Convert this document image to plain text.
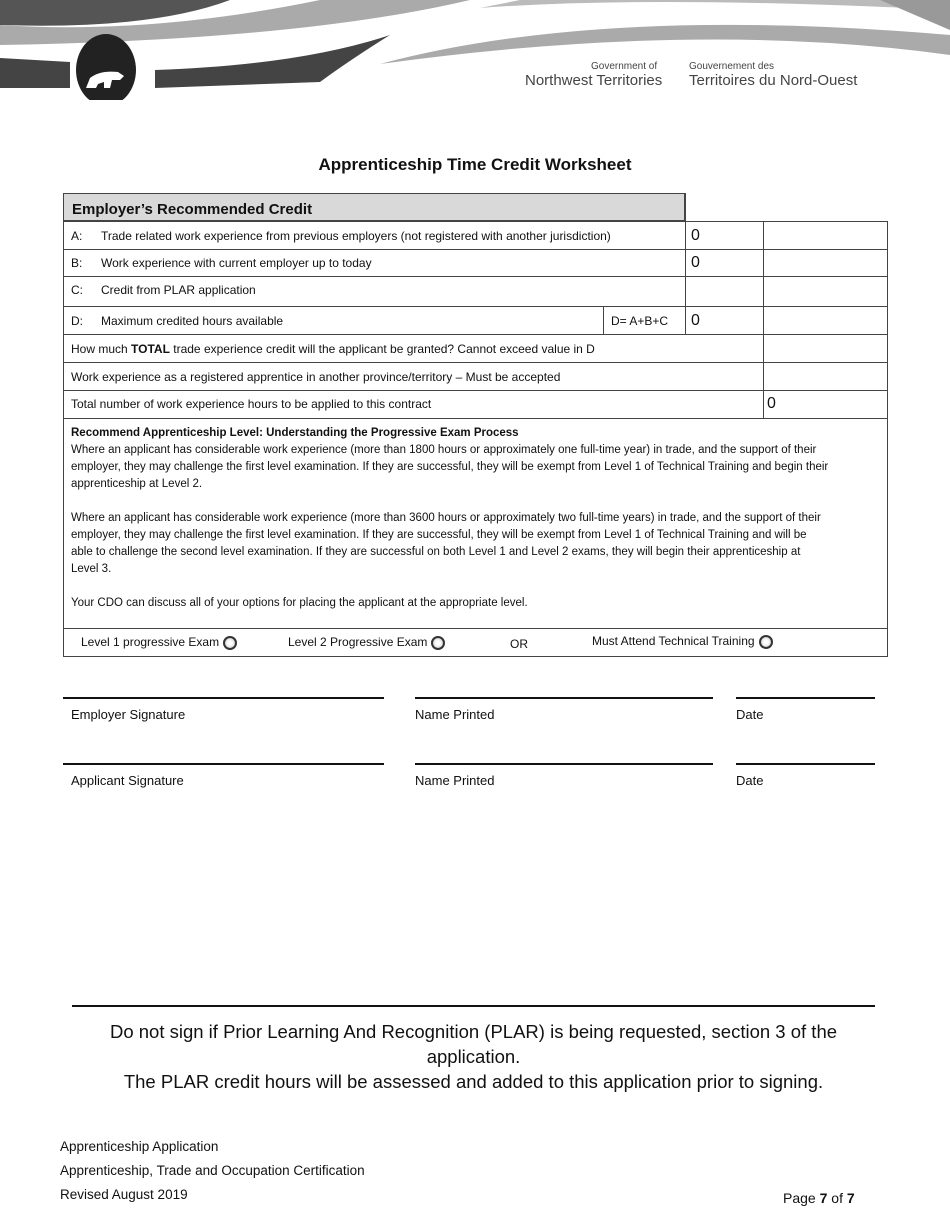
Government of
Northwest Territories
Gouvernement des
Territoires du Nord-Ouest
Apprenticeship Time Credit Worksheet
Employer’s Recommended Credit
A: Trade related work experience from previous employers (not registered with another jurisdiction)	0
B: Work experience with current employer up to today	0
C: Credit from PLAR application
D: Maximum credited hours available	D= A+B+C 0
How much TOTAL trade experience credit will the applicant be granted? Cannot exceed value in D
Work experience as a registered apprentice in another province/territory – Must be accepted
Total number of work experience hours to be applied to this contract	0
Recommend Apprenticeship Level: Understanding the Progressive Exam Process
Where an applicant has considerable work experience (more than 1800 hours or approximately one full-time year) in trade, and the support of their employer, they may challenge the first level examination. If they are successful, they will be exempt from Level 1 of Technical Training and begin their apprenticeship at Level 2.
Where an applicant has considerable work experience (more than 3600 hours or approximately two full-time years) in trade, and the support of their employer, they may challenge the first level examination. If they are successful, they will be exempt from Level 1 of Technical Training and will be able to challenge the second level examination. If they are successful on both Level 1 and Level 2 exams, they will begin their apprenticeship at Level 3.
Your CDO can discuss all of your options for placing the applicant at the appropriate level.
Level 1 progressive Exam	Level 2 Progressive Exam	OR	Must Attend Technical Training
Employer Signature	Name Printed	Date
Applicant Signature	Name Printed	Date
Do not sign if Prior Learning And Recognition (PLAR) is being requested, section 3 of the application.
The PLAR credit hours will be assessed and added to this application prior to signing.
Apprenticeship Application
Apprenticeship, Trade and Occupation Certification
Revised August 2019	Page 7 of 7
